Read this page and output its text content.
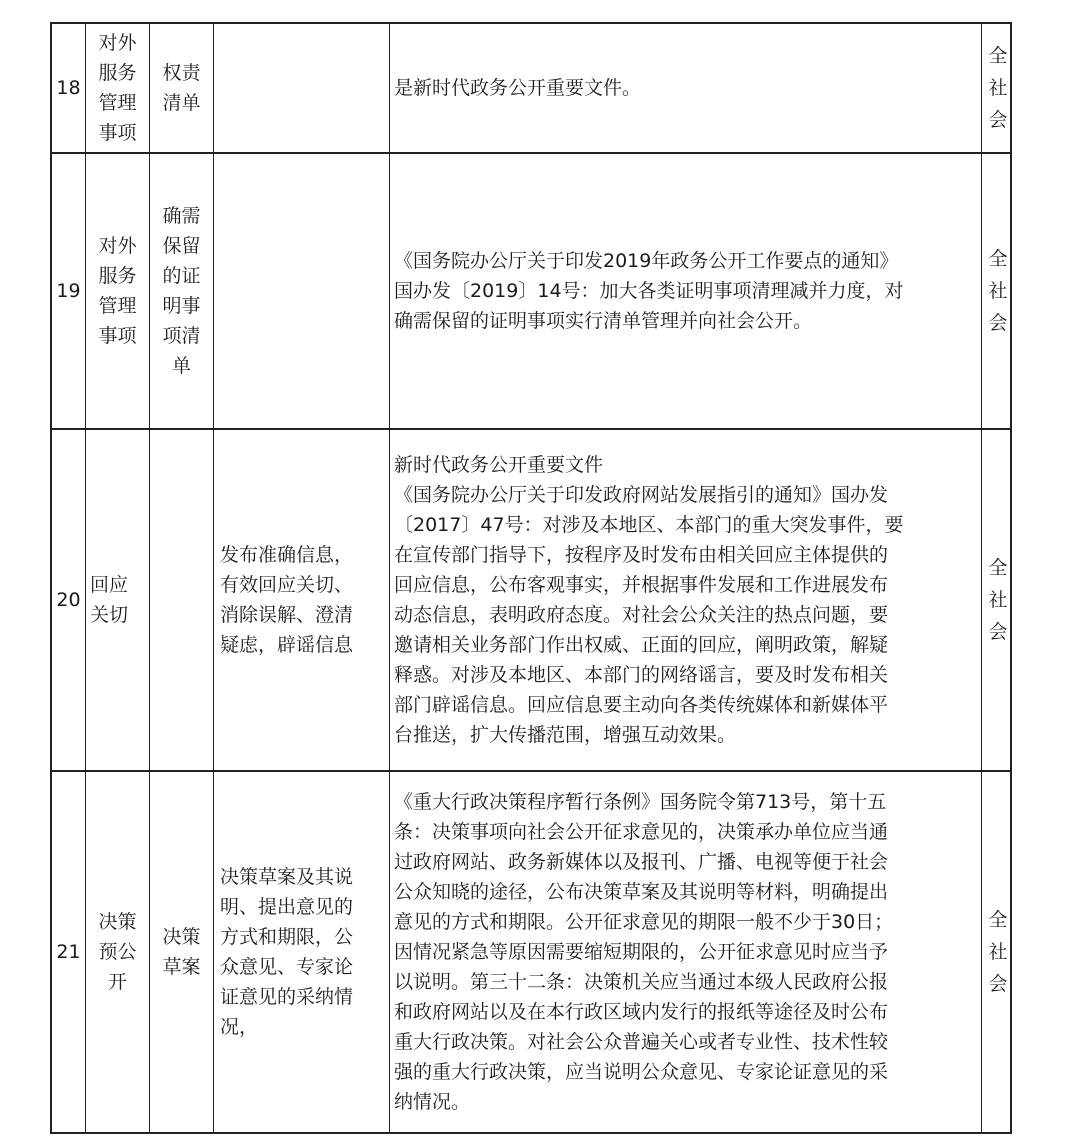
18
对外
服务
管理
事项
权责
清单
是新时代政务公开重要文件。
全
社
会
19
对外
服务
管理
事项
确需
保留
的证
明事
项清
单
《国务院办公厅关于印发2019年政务公开工作要点的通知》
国办发〔2019〕14号：加大各类证明事项清理减并力度，对
确需保留的证明事项实行清单管理并向社会公开。
全
社
会
20
回应
关切
发布准确信息，
有效回应关切、
消除误解、澄清
疑虑，辟谣信息
新时代政务公开重要文件
《国务院办公厅关于印发政府网站发展指引的通知》国办发
〔2017〕47号：对涉及本地区、本部门的重大突发事件，要
在宣传部门指导下，按程序及时发布由相关回应主体提供的
回应信息，公布客观事实，并根据事件发展和工作进展发布
动态信息，表明政府态度。对社会公众关注的热点问题，要
邀请相关业务部门作出权威、正面的回应，阐明政策，解疑
释惑。对涉及本地区、本部门的网络谣言，要及时发布相关
部门辟谣信息。回应信息要主动向各类传统媒体和新媒体平
台推送，扩大传播范围，增强互动效果。
全
社
会
21
决策
预公
开
决策
草案
决策草案及其说
明、提出意见的
方式和期限，公
众意见、专家论
证意见的采纳情
况，
《重大行政决策程序暂行条例》国务院令第713号，第十五
条：决策事项向社会公开征求意见的，决策承办单位应当通
过政府网站、政务新媒体以及报刊、广播、电视等便于社会
公众知晓的途径，公布决策草案及其说明等材料，明确提出
意见的方式和期限。公开征求意见的期限一般不少于30日；
因情况紧急等原因需要缩短期限的，公开征求意见时应当予
以说明。第三十二条：决策机关应当通过本级人民政府公报
和政府网站以及在本行政区域内发行的报纸等途径及时公布
重大行政决策。对社会公众普遍关心或者专业性、技术性较
强的重大行政决策，应当说明公众意见、专家论证意见的采
纳情况。
全
社
会
